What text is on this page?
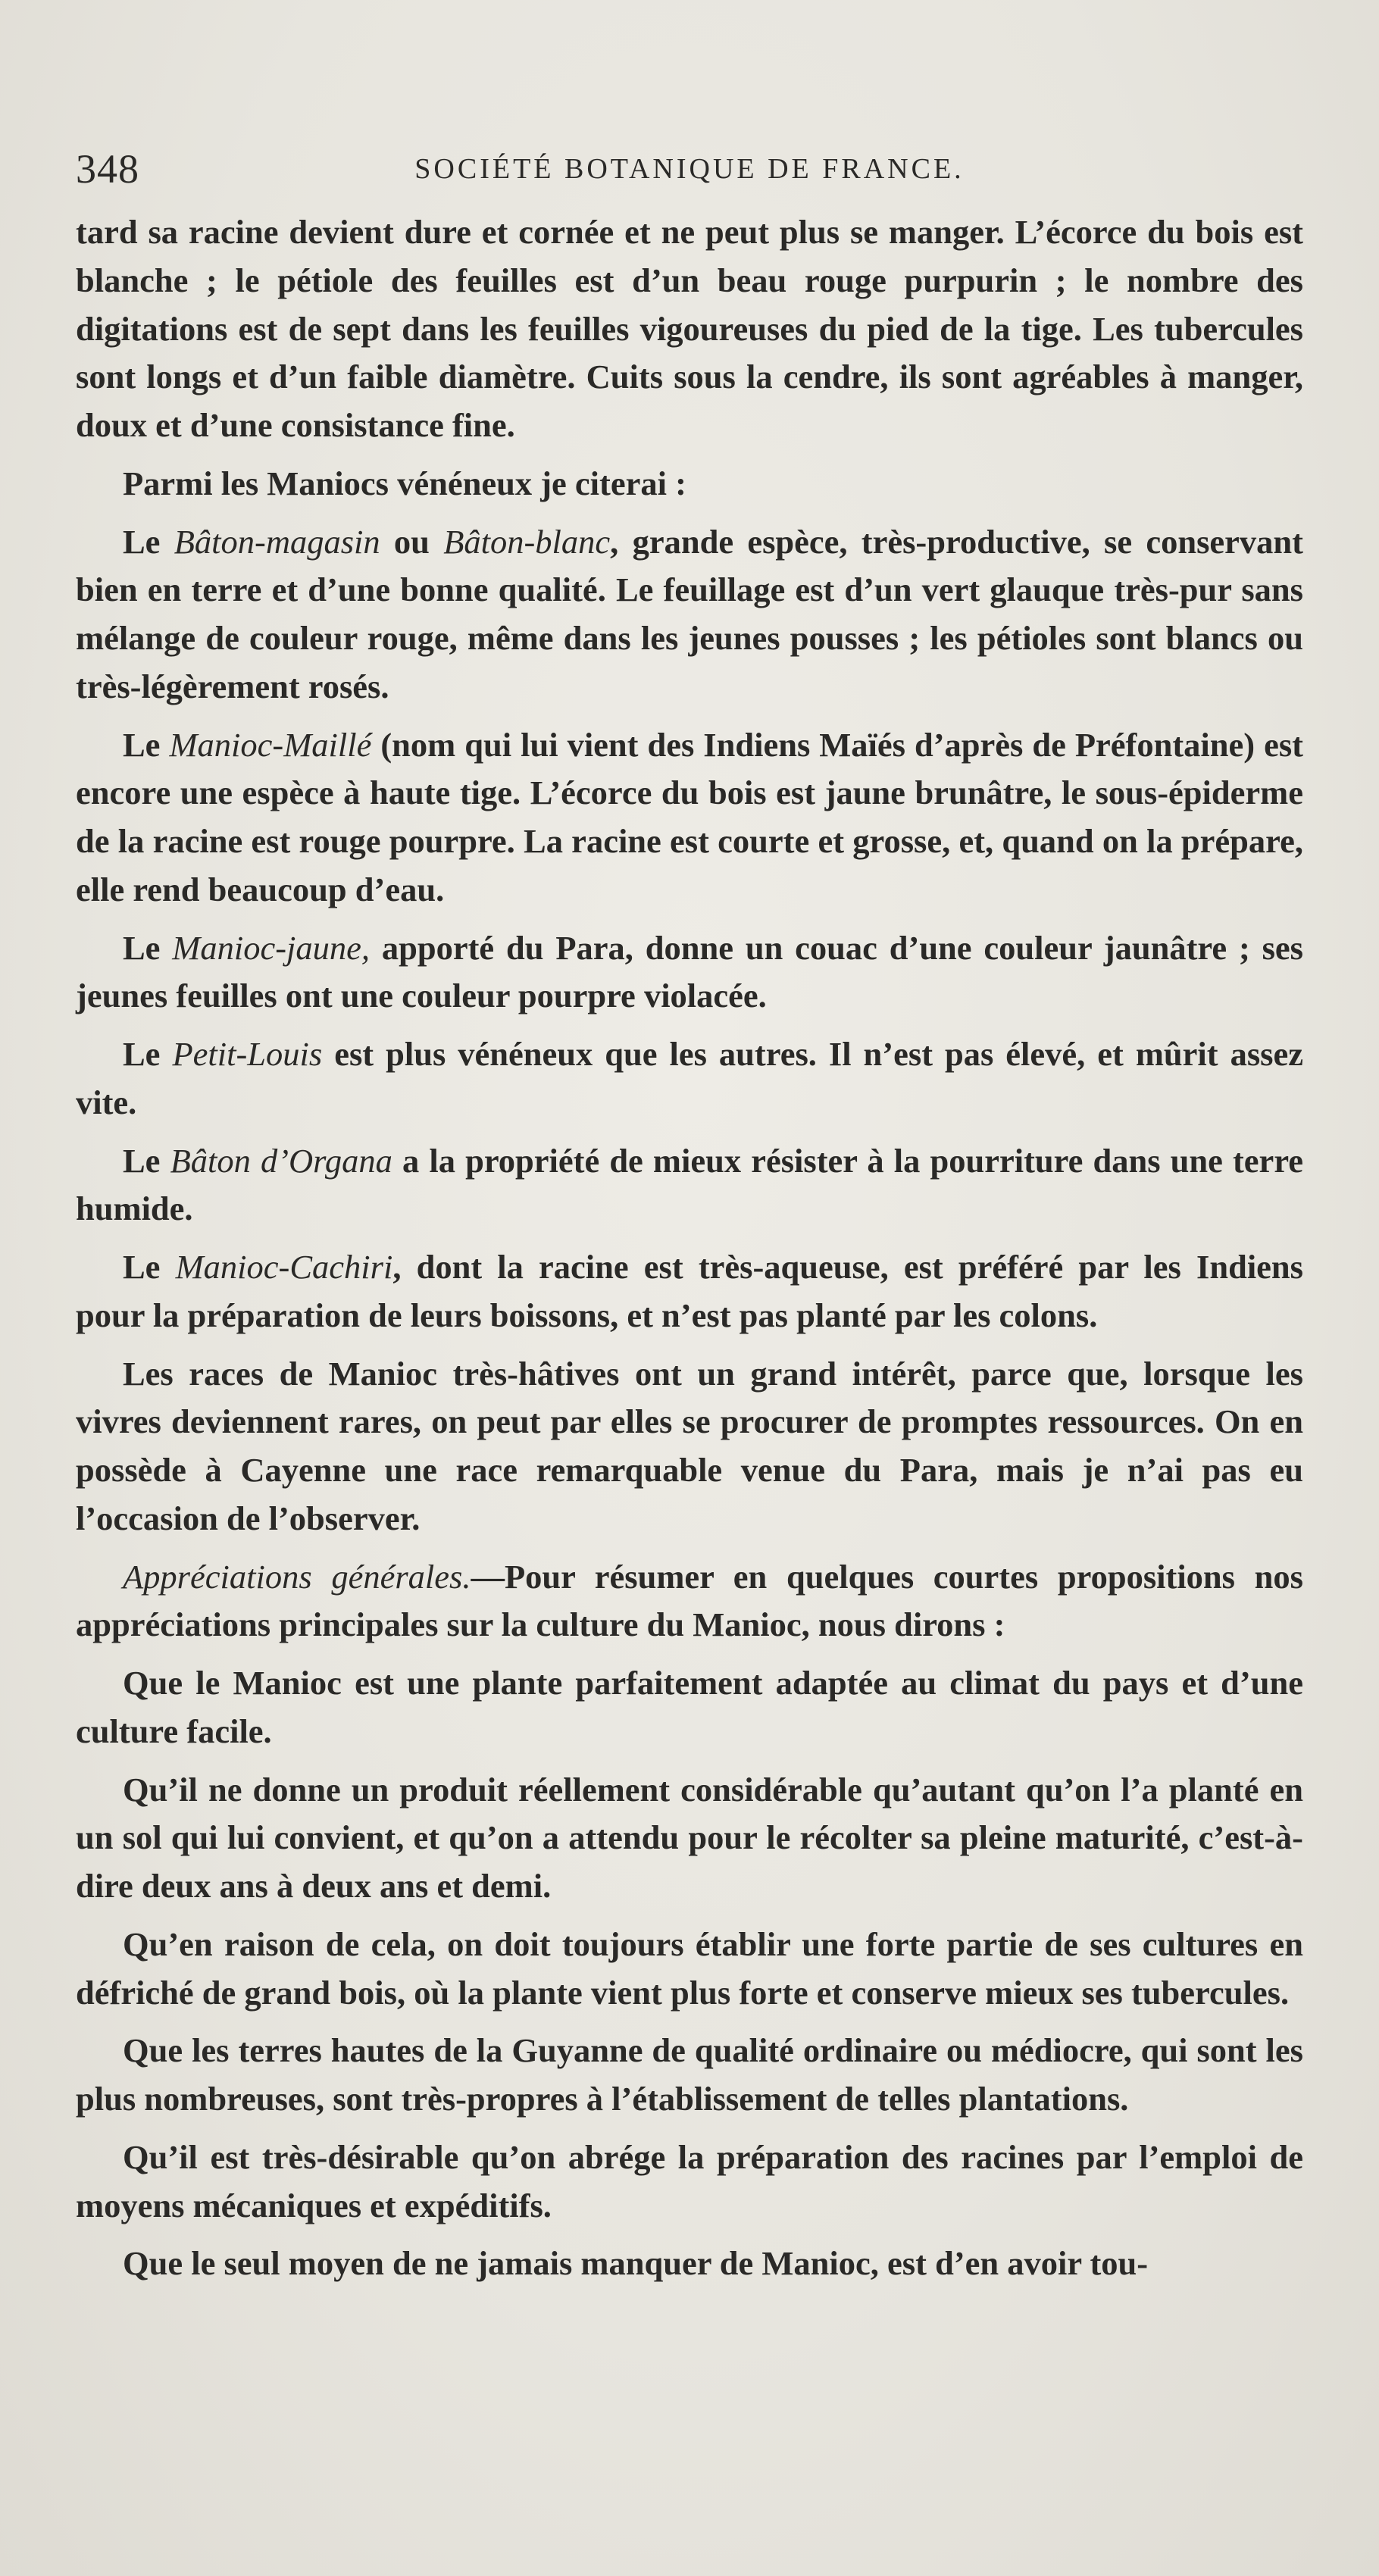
348	SOCIÉTÉ BOTANIQUE DE FRANCE.

tard sa racine devient dure et cornée et ne peut plus se manger. L’écorce du bois est blanche ; le pétiole des feuilles est d’un beau rouge purpurin ; le nombre des digitations est de sept dans les feuilles vigoureuses du pied de la tige. Les tubercules sont longs et d’un faible diamètre. Cuits sous la cendre, ils sont agréables à manger, doux et d’une consistance fine.

Parmi les Maniocs vénéneux je citerai :

Le Bâton-magasin ou Bâton-blanc, grande espèce, très-productive, se conservant bien en terre et d’une bonne qualité. Le feuillage est d’un vert glauque très-pur sans mélange de couleur rouge, même dans les jeunes pousses ; les pétioles sont blancs ou très-légèrement rosés.

Le Manioc-Maillé (nom qui lui vient des Indiens Maïés d’après de Préfontaine) est encore une espèce à haute tige. L’écorce du bois est jaune brunâtre, le sous-épiderme de la racine est rouge pourpre. La racine est courte et grosse, et, quand on la prépare, elle rend beaucoup d’eau.

Le Manioc-jaune, apporté du Para, donne un couac d’une couleur jaunâtre ; ses jeunes feuilles ont une couleur pourpre violacée.

Le Petit-Louis est plus vénéneux que les autres. Il n’est pas élevé, et mûrit assez vite.

Le Bâton d’Organa a la propriété de mieux résister à la pourriture dans une terre humide.

Le Manioc-Cachiri, dont la racine est très-aqueuse, est préféré par les Indiens pour la préparation de leurs boissons, et n’est pas planté par les colons.

Les races de Manioc très-hâtives ont un grand intérêt, parce que, lorsque les vivres deviennent rares, on peut par elles se procurer de promptes ressources. On en possède à Cayenne une race remarquable venue du Para, mais je n’ai pas eu l’occasion de l’observer.

Appréciations générales.—Pour résumer en quelques courtes propositions nos appréciations principales sur la culture du Manioc, nous dirons :

Que le Manioc est une plante parfaitement adaptée au climat du pays et d’une culture facile.

Qu’il ne donne un produit réellement considérable qu’autant qu’on l’a planté en un sol qui lui convient, et qu’on a attendu pour le récolter sa pleine maturité, c’est-à-dire deux ans à deux ans et demi.

Qu’en raison de cela, on doit toujours établir une forte partie de ses cultures en défriché de grand bois, où la plante vient plus forte et conserve mieux ses tubercules.

Que les terres hautes de la Guyanne de qualité ordinaire ou médiocre, qui sont les plus nombreuses, sont très-propres à l’établissement de telles plantations.

Qu’il est très-désirable qu’on abrége la préparation des racines par l’emploi de moyens mécaniques et expéditifs.

Que le seul moyen de ne jamais manquer de Manioc, est d’en avoir tou-
